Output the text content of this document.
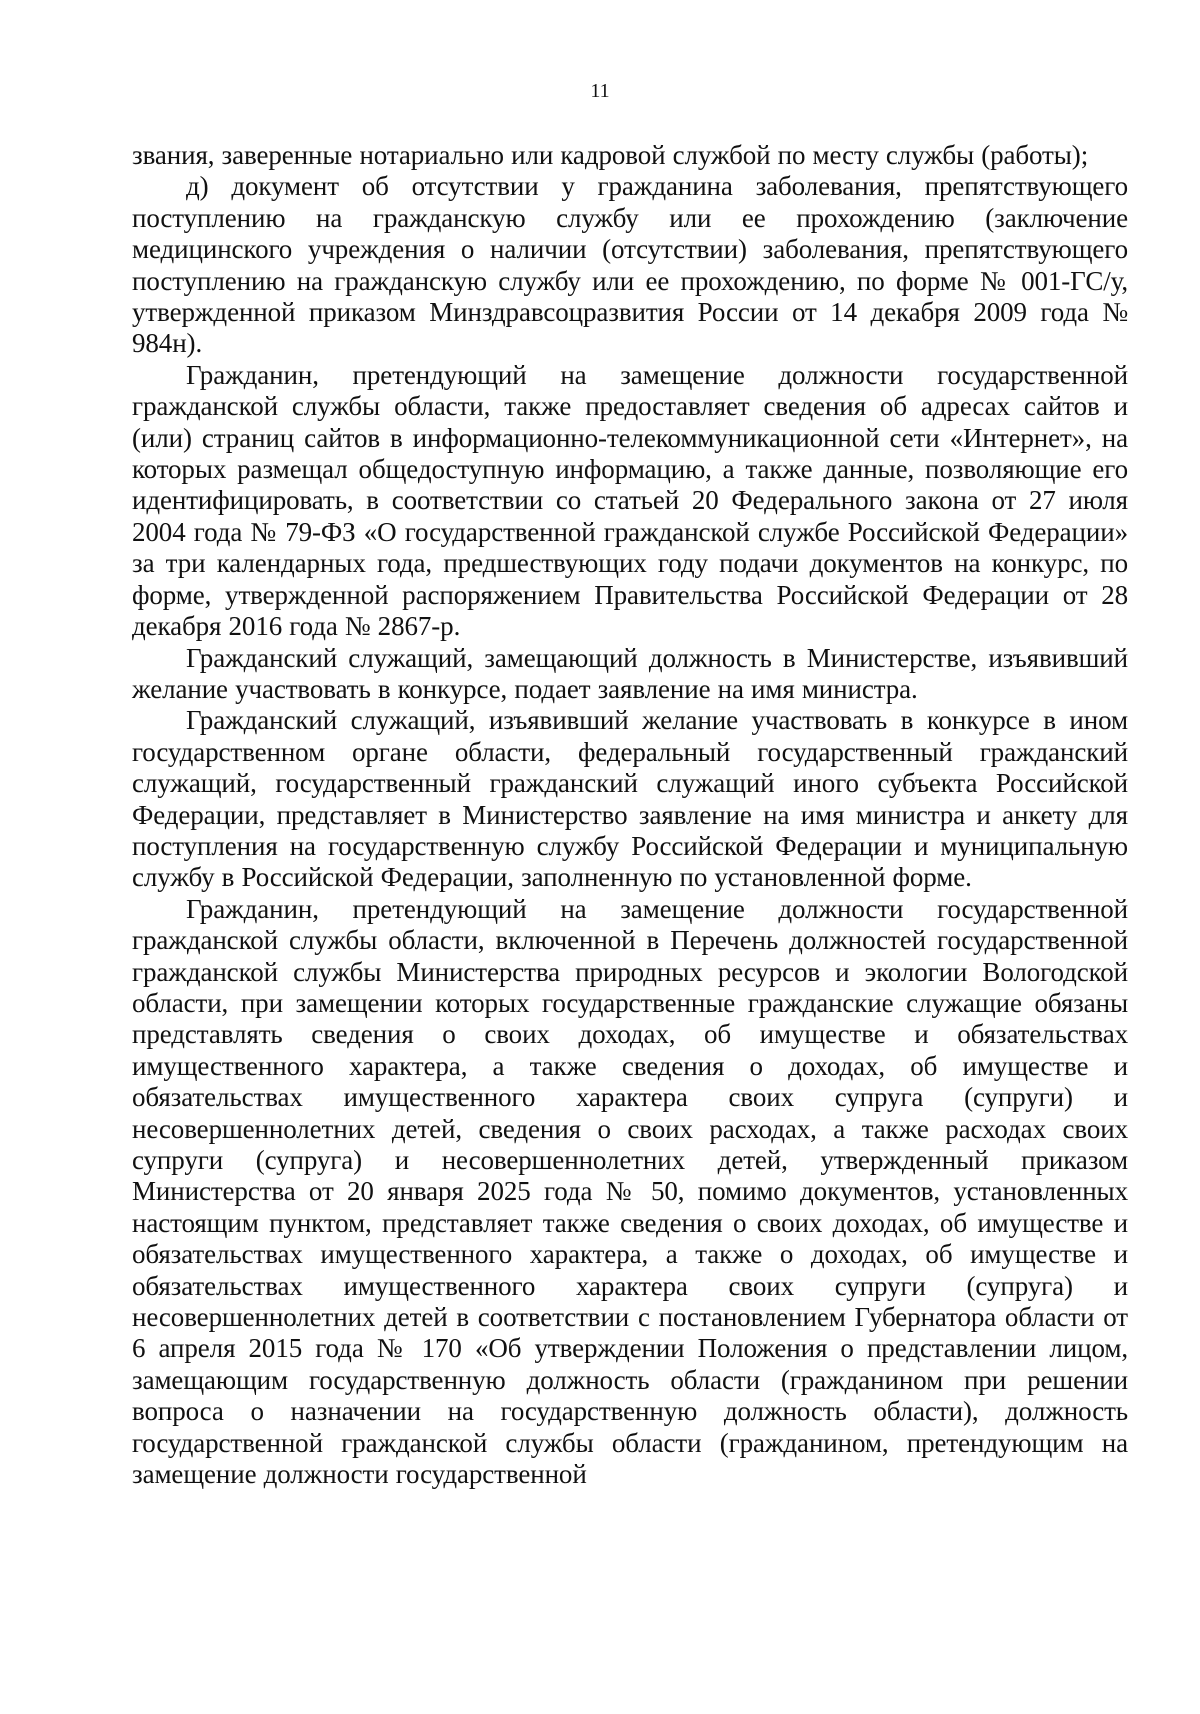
11

звания, заверенные нотариально или кадровой службой по месту службы (работы);

д) документ об отсутствии у гражданина заболевания, препятствующего поступлению на гражданскую службу или ее прохождению (заключение медицинского учреждения о наличии (отсутствии) заболевания, препятствующего поступлению на гражданскую службу или ее прохождению, по форме № 001-ГС/у, утвержденной приказом Минздравсоцразвития России от 14 декабря 2009 года № 984н).

Гражданин, претендующий на замещение должности государственной гражданской службы области, также предоставляет сведения об адресах сайтов и (или) страниц сайтов в информационно-телекоммуникационной сети «Интернет», на которых размещал общедоступную информацию, а также данные, позволяющие его идентифицировать, в соответствии со статьей 20 Федерального закона от 27 июля 2004 года № 79-ФЗ «О государственной гражданской службе Российской Федерации» за три календарных года, предшествующих году подачи документов на конкурс, по форме, утвержденной распоряжением Правительства Российской Федерации от 28 декабря 2016 года № 2867-р.

Гражданский служащий, замещающий должность в Министерстве, изъявивший желание участвовать в конкурсе, подает заявление на имя министра.

Гражданский служащий, изъявивший желание участвовать в конкурсе в ином государственном органе области, федеральный государственный гражданский служащий, государственный гражданский служащий иного субъекта Российской Федерации, представляет в Министерство заявление на имя министра и анкету для поступления на государственную службу Российской Федерации и муниципальную службу в Российской Федерации, заполненную по установленной форме.

Гражданин, претендующий на замещение должности государственной гражданской службы области, включенной в Перечень должностей государственной гражданской службы Министерства природных ресурсов и экологии Вологодской области, при замещении которых государственные гражданские служащие обязаны представлять сведения о своих доходах, об имуществе и обязательствах имущественного характера, а также сведения о доходах, об имуществе и обязательствах имущественного характера своих супруга (супруги) и несовершеннолетних детей, сведения о своих расходах, а также расходах своих супруги (супруга) и несовершеннолетних детей, утвержденный приказом Министерства от 20 января 2025 года № 50, помимо документов, установленных настоящим пунктом, представляет также сведения о своих доходах, об имуществе и обязательствах имущественного характера, а также о доходах, об имуществе и обязательствах имущественного характера своих супруги (супруга) и несовершеннолетних детей в соответствии с постановлением Губернатора области от 6 апреля 2015 года № 170 «Об утверждении Положения о представлении лицом, замещающим государственную должность области (гражданином при решении вопроса о назначении на государственную должность области), должность государственной гражданской службы области (гражданином, претендующим на замещение должности государственной
